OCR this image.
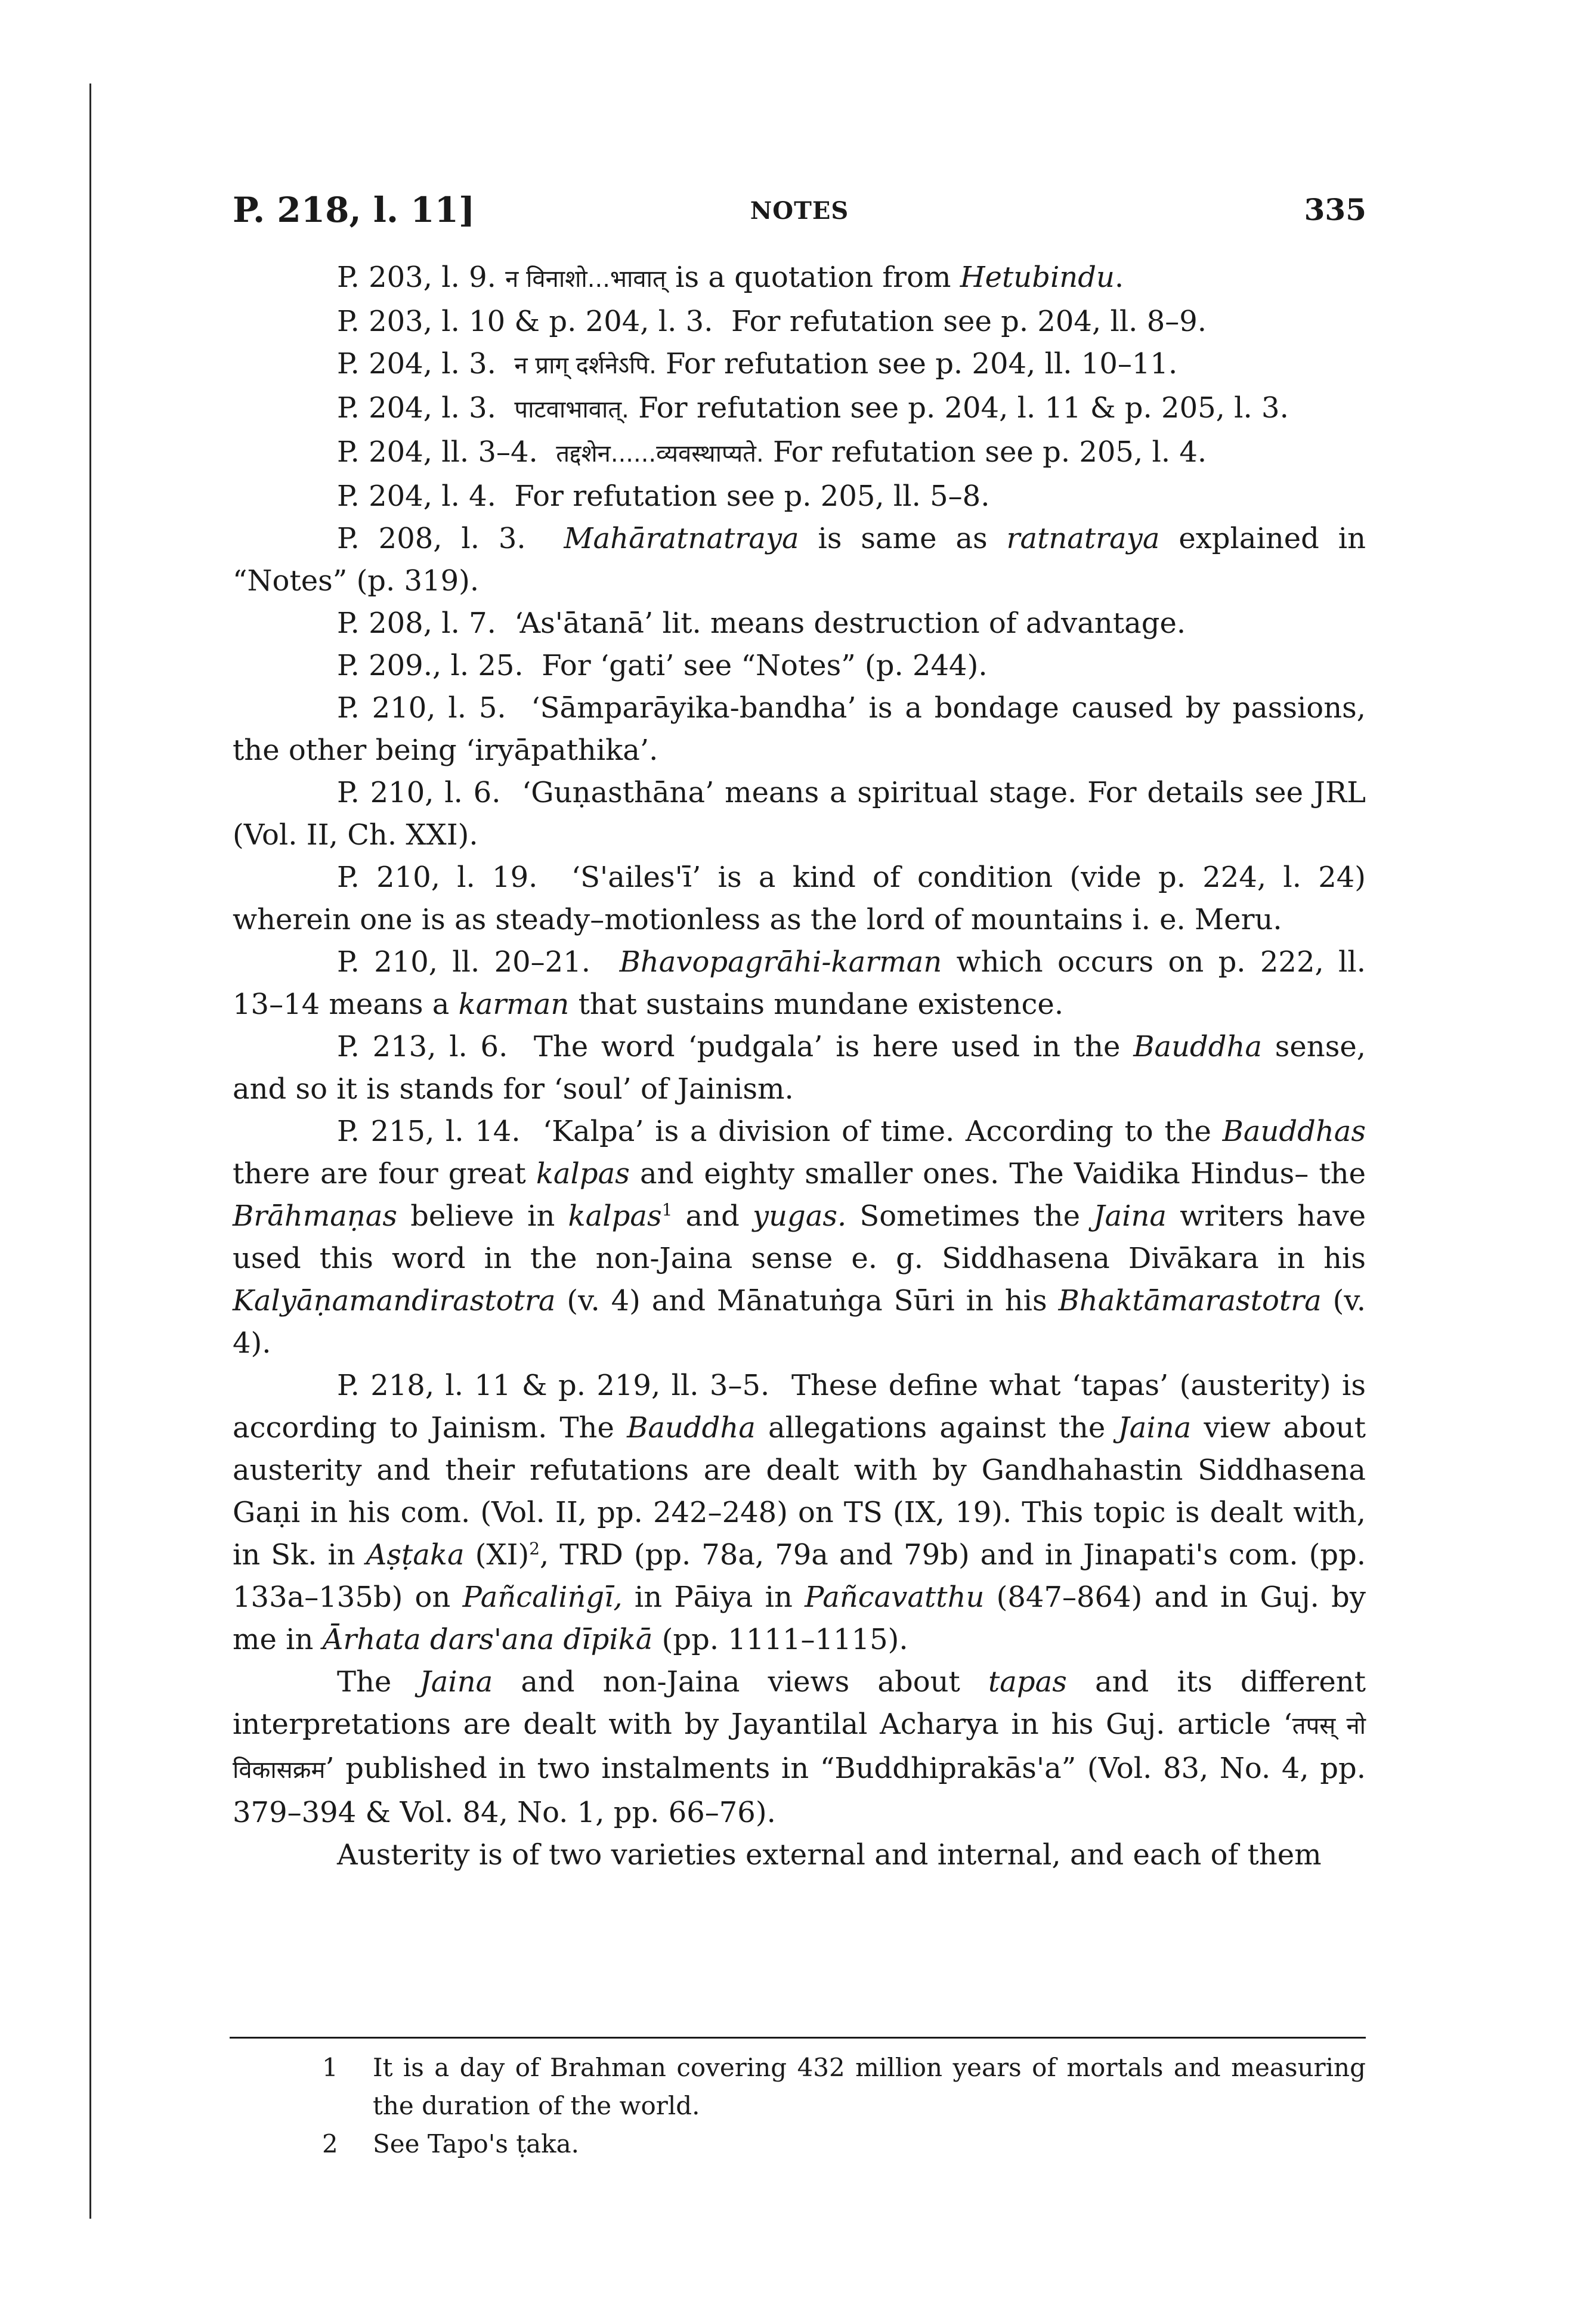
P. 218, l. 11]	NOTES	335

P. 203, l. 9. न विनाशो...भावात् is a quotation from Hetubindu.

P. 203, l. 10 & p. 204, l. 3. For refutation see p. 204, ll. 8–9.

P. 204, l. 3. न प्राग् दर्शनेऽपि. For refutation see p. 204, ll. 10–11.

P. 204, l. 3. पाटवाभावात्. For refutation see p. 204, l. 11 & p. 205, l. 3.

P. 204, ll. 3–4. तद्दशेन......व्यवस्थाप्यते. For refutation see p. 205, l. 4.

P. 204, l. 4. For refutation see p. 205, ll. 5–8.

P. 208, l. 3. Mahāratnatraya is same as ratnatraya explained in “Notes” (p. 319).

P. 208, l. 7. ‘As'ātanā’ lit. means destruction of advantage.

P. 209., l. 25. For ‘gati’ see “Notes” (p. 244).

P. 210, l. 5. ‘Sāmparāyika-bandha’ is a bondage caused by passions, the other being ‘iryāpathika’.

P. 210, l. 6. ‘Guṇasthāna’ means a spiritual stage. For details see JRL (Vol. II, Ch. XXI).

P. 210, l. 19. ‘S'ailes'ī’ is a kind of condition (vide p. 224, l. 24) wherein one is as steady–motionless as the lord of mountains i. e. Meru.

P. 210, ll. 20–21. Bhavopagrāhi-karman which occurs on p. 222, ll. 13–14 means a karman that sustains mundane existence.

P. 213, l. 6. The word ‘pudgala’ is here used in the Bauddha sense, and so it is stands for ‘soul’ of Jainism.

P. 215, l. 14. ‘Kalpa’ is a division of time. According to the Bauddhas there are four great kalpas and eighty smaller ones. The Vaidika Hindus– the Brāhmaṇas believe in kalpas$^1$ and yugas. Sometimes the Jaina writers have used this word in the non-Jaina sense e. g. Siddhasena Divākara in his Kalyāṇamandirastotra (v. 4) and Mānatuṅga Sūri in his Bhaktāmarastotra (v. 4).

P. 218, l. 11 & p. 219, ll. 3–5. These define what ‘tapas’ (austerity) is according to Jainism. The Bauddha allegations against the Jaina view about austerity and their refutations are dealt with by Gandhahastin Siddhasena Gaṇi in his com. (Vol. II, pp. 242–248) on TS (IX, 19). This topic is dealt with, in Sk. in Aṣṭaka (XI)$^2$, TRD (pp. 78a, 79a and 79b) and in Jinapati's com. (pp. 133a–135b) on Pañcaliṅgī, in Pāiya in Pañcavatthu (847–864) and in Guj. by me in Ārhata dars'ana dīpikā (pp. 1111–1115).

The Jaina and non-Jaina views about tapas and its different interpretations are dealt with by Jayantilal Acharya in his Guj. article ‘तपस् नो विकासक्रम’ published in two instalments in “Buddhiprakās'a” (Vol. 83, No. 4, pp. 379–394 & Vol. 84, No. 1, pp. 66–76).

Austerity is of two varieties external and internal, and each of them

1 It is a day of Brahman covering 432 million years of mortals and measuring the duration of the world.
2 See Tapo's ṭaka.
